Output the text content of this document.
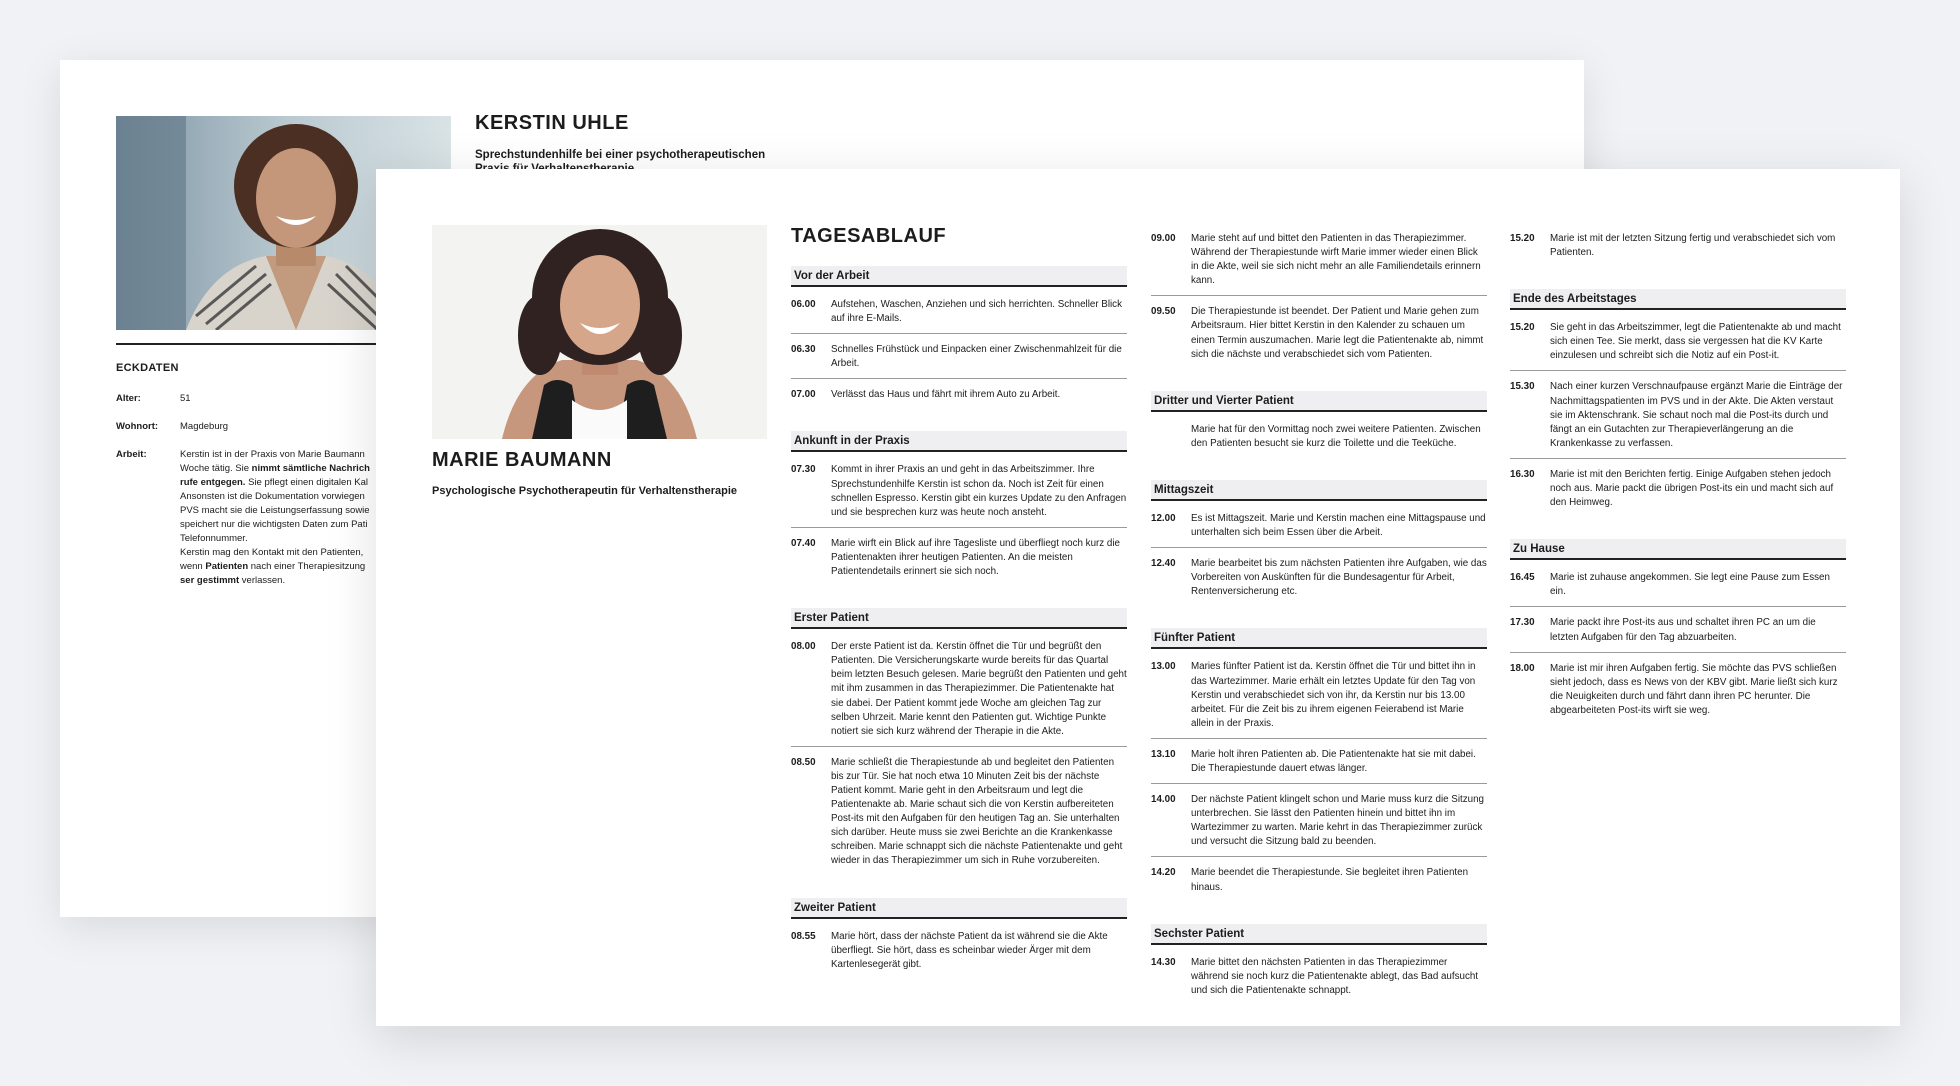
KERSTIN UHLE
Sprechstundenhilfe bei einer psychotherapeutischen
ECKDATEN
Alter:	51
Wohnort:	Magdeburg
Arbeit:	Kerstin ist in der Praxis von Marie Baumann
Woche tätig. Sie nimmt sämtliche Nachrich
rufe entgegen. Sie pflegt einen digitalen Kal
Ansonsten ist die Dokumentation vorwiegen
PVS macht sie die Leistungserfassung sowie
speichert nur die wichtigsten Daten zum Pati
Telefonnummer.
Kerstin mag den Kontakt mit den Patienten,
wenn Patienten nach einer Therapiesitzung
ser gestimmt verlassen.
MARIE BAUMANN
Psychologische Psychotherapeutin für Verhaltenstherapie
TAGESABLAUF
Vor der Arbeit
06.00	Aufstehen, Waschen, Anziehen und sich herrichten. Schneller Blick auf ihre E-Mails.
06.30	Schnelles Frühstück und Einpacken einer Zwischenmahlzeit für die Arbeit.
07.00	Verlässt das Haus und fährt mit ihrem Auto zu Arbeit.
Ankunft in der Praxis
07.30	Kommt in ihrer Praxis an und geht in das Arbeitszimmer. Ihre Sprechstundenhilfe Kerstin ist schon da. Noch ist Zeit für einen schnellen Espresso. Kerstin gibt ein kurzes Update zu den Anfragen und sie besprechen kurz was heute noch ansteht.
07.40	Marie wirft ein Blick auf ihre Tagesliste und überfliegt noch kurz die Patientenakten ihrer heutigen Patienten. An die meisten Patientendetails erinnert sie sich noch.
Erster Patient
08.00	Der erste Patient ist da. Kerstin öffnet die Tür und begrüßt den Patienten. Die Versicherungskarte wurde bereits für das Quartal beim letzten Besuch gelesen. Marie begrüßt den Patienten und geht mit ihm zusammen in das Therapiezimmer. Die Patientenakte hat sie dabei. Der Patient kommt jede Woche am gleichen Tag zur selben Uhrzeit. Marie kennt den Patienten gut. Wichtige Punkte notiert sie sich kurz während der Therapie in die Akte.
08.50	Marie schließt die Therapiestunde ab und begleitet den Patienten bis zur Tür. Sie hat noch etwa 10 Minuten Zeit bis der nächste Patient kommt. Marie geht in den Arbeitsraum und legt die Patientenakte ab. Marie schaut sich die von Kerstin aufbereiteten Post-its mit den Aufgaben für den heutigen Tag an. Sie unterhalten sich darüber. Heute muss sie zwei Berichte an die Krankenkasse schreiben. Marie schnappt sich die nächste Patientenakte und geht wieder in das Therapiezimmer um sich in Ruhe vorzubereiten.
Zweiter Patient
08.55	Marie hört, dass der nächste Patient da ist während sie die Akte überfliegt. Sie hört, dass es scheinbar wieder Ärger mit dem Kartenlesegerät gibt.
09.00	Marie steht auf und bittet den Patienten in das Therapiezimmer. Während der Therapiestunde wirft Marie immer wieder einen Blick in die Akte, weil sie sich nicht mehr an alle Familiendetails erinnern kann.
09.50	Die Therapiestunde ist beendet. Der Patient und Marie gehen zum Arbeitsraum. Hier bittet Kerstin in den Kalender zu schauen um einen Termin auszumachen. Marie legt die Patientenakte ab, nimmt sich die nächste und verabschiedet sich vom Patienten.
Dritter und Vierter Patient
Marie hat für den Vormittag noch zwei weitere Patienten. Zwischen den Patienten besucht sie kurz die Toilette und die Teeküche.
Mittagszeit
12.00	Es ist Mittagszeit. Marie und Kerstin machen eine Mittagspause und unterhalten sich beim Essen über die Arbeit.
12.40	Marie bearbeitet bis zum nächsten Patienten ihre Aufgaben, wie das Vorbereiten von Auskünften für die Bundesagentur für Arbeit, Rentenversicherung etc.
Fünfter Patient
13.00	Maries fünfter Patient ist da. Kerstin öffnet die Tür und bittet ihn in das Wartezimmer. Marie erhält ein letztes Update für den Tag von Kerstin und verabschiedet sich von ihr, da Kerstin nur bis 13.00 arbeitet. Für die Zeit bis zu ihrem eigenen Feierabend ist Marie allein in der Praxis.
13.10	Marie holt ihren Patienten ab. Die Patientenakte hat sie mit dabei. Die Therapiestunde dauert etwas länger.
14.00	Der nächste Patient klingelt schon und Marie muss kurz die Sitzung unterbrechen. Sie lässt den Patienten hinein und bittet ihn im Wartezimmer zu warten. Marie kehrt in das Therapiezimmer zurück und versucht die Sitzung bald zu beenden.
14.20	Marie beendet die Therapiestunde. Sie begleitet ihren Patienten hinaus.
Sechster Patient
14.30	Marie bittet den nächsten Patienten in das Therapiezimmer während sie noch kurz die Patientenakte ablegt, das Bad aufsucht und sich die Patientenakte schnappt.
15.20	Marie ist mit der letzten Sitzung fertig und verabschiedet sich vom Patienten.
Ende des Arbeitstages
15.20	Sie geht in das Arbeitszimmer, legt die Patientenakte ab und macht sich einen Tee. Sie merkt, dass sie vergessen hat die KV Karte einzulesen und schreibt sich die Notiz auf ein Post-it.
15.30	Nach einer kurzen Verschnaufpause ergänzt Marie die Einträge der Nachmittagspatienten im PVS und in der Akte. Die Akten verstaut sie im Aktenschrank. Sie schaut noch mal die Post-its durch und fängt an ein Gutachten zur Therapieverlängerung an die Krankenkasse zu verfassen.
16.30	Marie ist mit den Berichten fertig. Einige Aufgaben stehen jedoch noch aus. Marie packt die übrigen Post-its ein und macht sich auf den Heimweg.
Zu Hause
16.45	Marie ist zuhause angekommen. Sie legt eine Pause zum Essen ein.
17.30	Marie packt ihre Post-its aus und schaltet ihren PC an um die letzten Aufgaben für den Tag abzuarbeiten.
18.00	Marie ist mir ihren Aufgaben fertig. Sie möchte das PVS schließen sieht jedoch, dass es News von der KBV gibt. Marie ließt sich kurz die Neuigkeiten durch und fährt dann ihren PC herunter. Die abgearbeiteten Post-its wirft sie weg.
